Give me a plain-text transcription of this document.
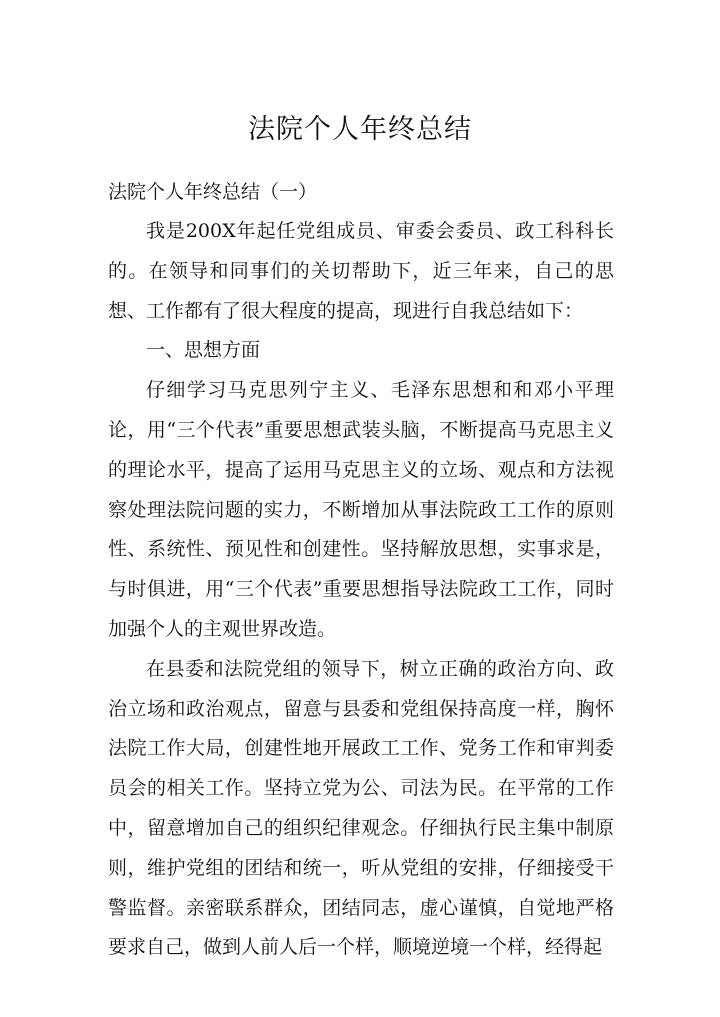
法院个人年终总结
法院个人年终总结（一）

我是200X年起任党组成员、审委会委员、政工科科长的。在领导和同事们的关切帮助下，近三年来，自己的思想、工作都有了很大程度的提高，现进行自我总结如下：

一、思想方面

仔细学习马克思列宁主义、毛泽东思想和和邓小平理论，用“三个代表”重要思想武装头脑，不断提高马克思主义的理论水平，提高了运用马克思主义的立场、观点和方法视察处理法院问题的实力，不断增加从事法院政工工作的原则性、系统性、预见性和创建性。坚持解放思想，实事求是，与时俱进，用“三个代表”重要思想指导法院政工工作，同时加强个人的主观世界改造。

在县委和法院党组的领导下，树立正确的政治方向、政治立场和政治观点，留意与县委和党组保持高度一样，胸怀法院工作大局，创建性地开展政工工作、党务工作和审判委员会的相关工作。坚持立党为公、司法为民。在平常的工作中，留意增加自己的组织纪律观念。仔细执行民主集中制原则，维护党组的团结和统一，听从党组的安排，仔细接受干警监督。亲密联系群众，团结同志，虚心谨慎，自觉地严格要求自己，做到人前人后一个样，顺境逆境一个样，经得起
